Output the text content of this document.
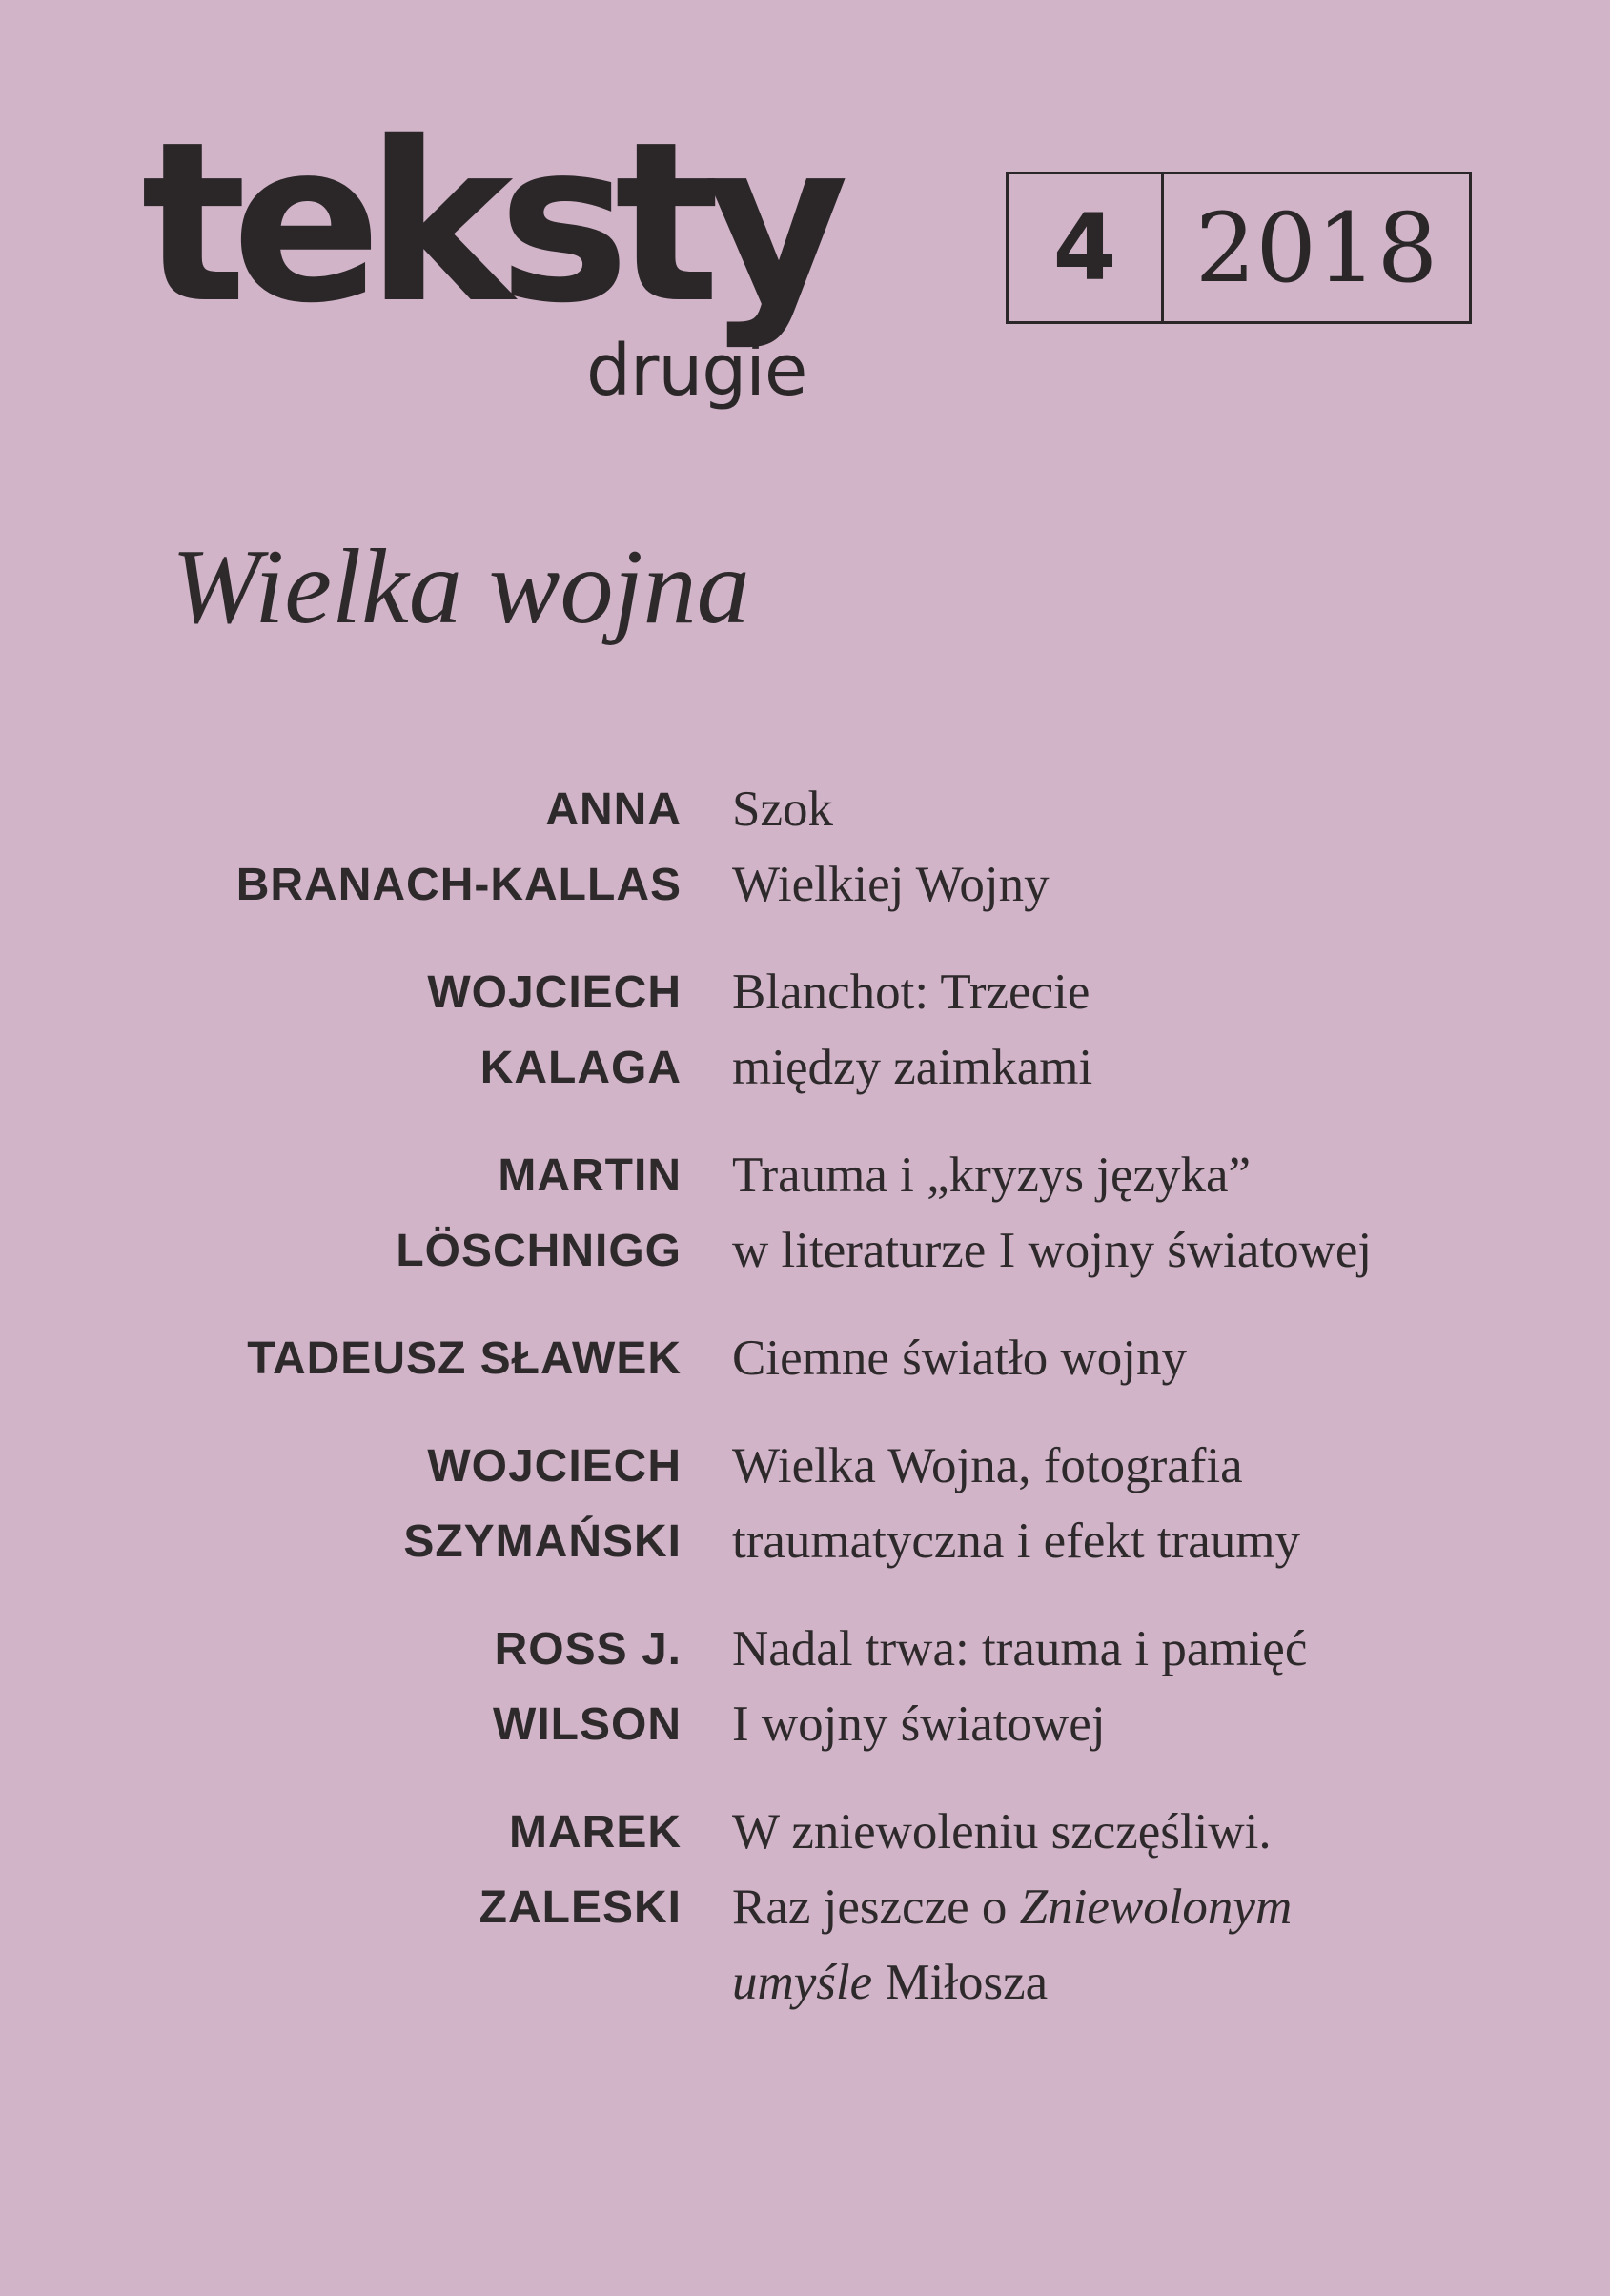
teksty
drugie
4 2018
Wielka wojna
ANNA
BRANACH-KALLAS
Szok
Wielkiej Wojny
WOJCIECH
KALAGA
Blanchot: Trzecie
między zaimkami
MARTIN
LÖSCHNIGG
Trauma i „kryzys języka”
w literaturze I wojny światowej
TADEUSZ SŁAWEK Ciemne światło wojny
WOJCIECH
SZYMAŃSKI
Wielka Wojna, fotografia
traumatyczna i efekt traumy
ROSS J.
WILSON
Nadal trwa: trauma i pamięć
I wojny światowej
MAREK
ZALESKI
W zniewoleniu szczęśliwi.
Raz jeszcze o Zniewolonym
umyśle Miłosza
